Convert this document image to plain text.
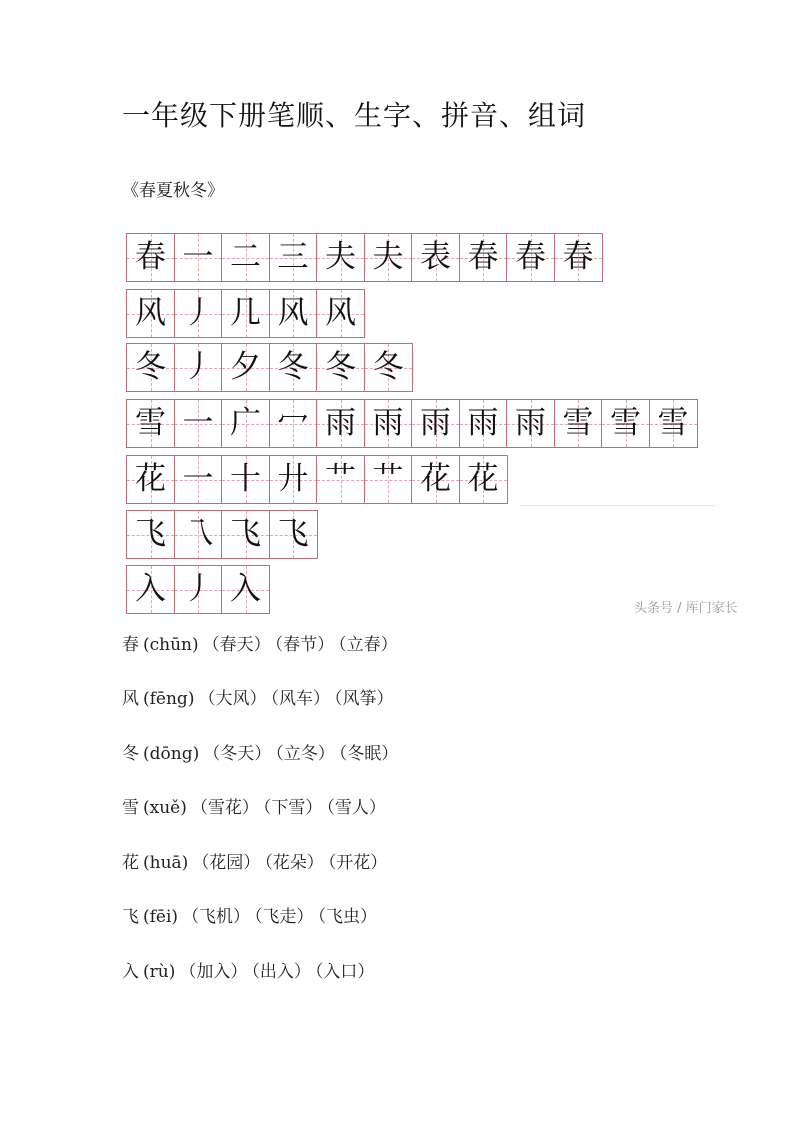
一年级下册笔顺、生字、拼音、组词
《春夏秋冬》
春 一 二 三 夫 夫 表 春 春 春
风 丿 几 风 风
冬 丿 夕 冬 冬 冬
雪 一 广 冖 雨 雨 雨 雨 雨 雪 雪 雪
花 一 十 廾 艹 艹 花 花
飞 乁 飞 飞
入 丿 入
头条号 / 厍门家长
春 (chūn) （春天） （春节） （立春）
风 (fēng) （大风） （风车） （风筝）
冬 (dōng) （冬天） （立冬） （冬眠）
雪 (xuě) （雪花） （下雪） （雪人）
花 (huā) （花园） （花朵） （开花）
飞 (fēi) （飞机） （飞走） （飞虫）
入 (rù) （加入） （出入） （入口）
